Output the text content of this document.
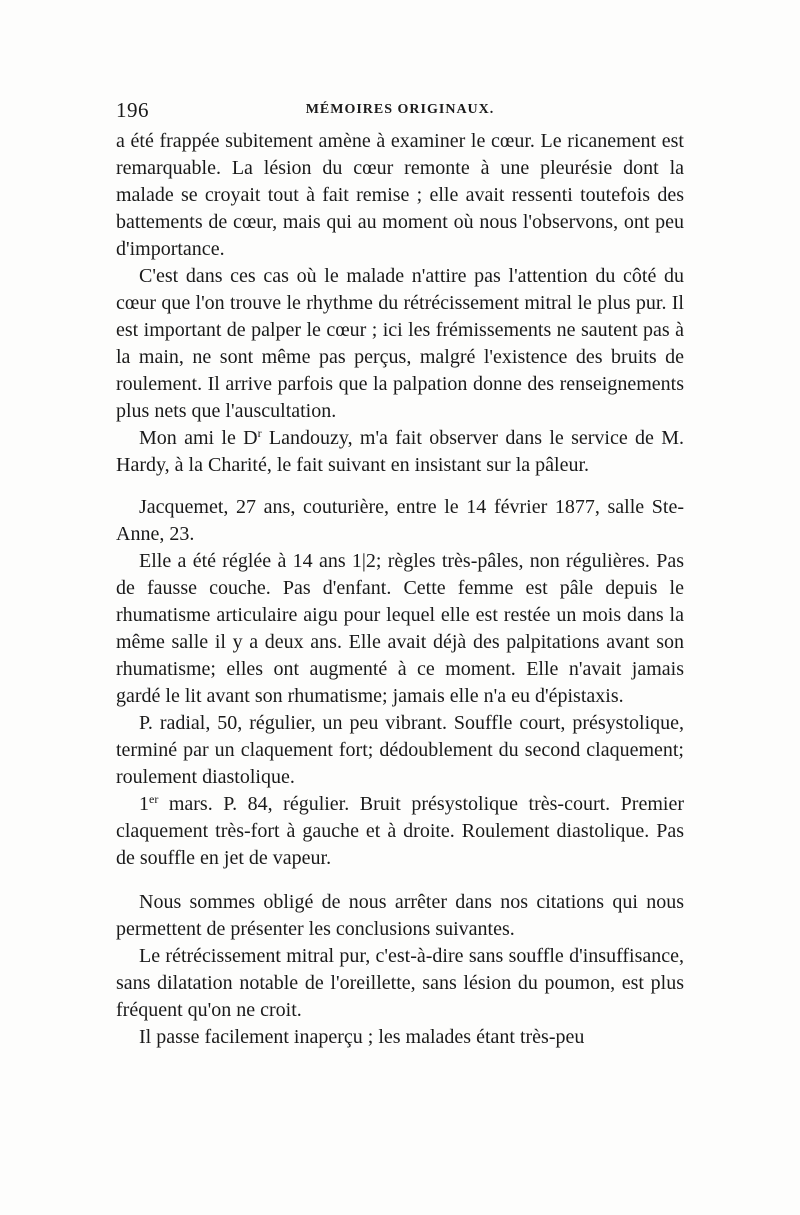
196	MÉMOIRES ORIGINAUX.

a été frappée subitement amène à examiner le cœur. Le ricanement est remarquable. La lésion du cœur remonte à une pleurésie dont la malade se croyait tout à fait remise ; elle avait ressenti toutefois des battements de cœur, mais qui au moment où nous l'observons, ont peu d'importance.

C'est dans ces cas où le malade n'attire pas l'attention du côté du cœur que l'on trouve le rhythme du rétrécissement mitral le plus pur. Il est important de palper le cœur ; ici les frémissements ne sautent pas à la main, ne sont même pas perçus, malgré l'existence des bruits de roulement. Il arrive parfois que la palpation donne des renseignements plus nets que l'auscultation.

Mon ami le $D^r$ Landouzy, m'a fait observer dans le service de M. Hardy, à la Charité, le fait suivant en insistant sur la pâleur.

Jacquemet, 27 ans, couturière, entre le 14 février 1877, salle Ste-Anne, 23.

Elle a été réglée à 14 ans 1|2; règles très-pâles, non régulières. Pas de fausse couche. Pas d'enfant. Cette femme est pâle depuis le rhumatisme articulaire aigu pour lequel elle est restée un mois dans la même salle il y a deux ans. Elle avait déjà des palpitations avant son rhumatisme; elles ont augmenté à ce moment. Elle n'avait jamais gardé le lit avant son rhumatisme; jamais elle n'a eu d'épistaxis.

P. radial, 50, régulier, un peu vibrant. Souffle court, présystolique, terminé par un claquement fort; dédoublement du second claquement; roulement diastolique.

1er mars. P. 84, régulier. Bruit présystolique très-court. Premier claquement très-fort à gauche et à droite. Roulement diastolique. Pas de souffle en jet de vapeur.

Nous sommes obligé de nous arrêter dans nos citations qui nous permettent de présenter les conclusions suivantes.

Le rétrécissement mitral pur, c'est-à-dire sans souffle d'insuffisance, sans dilatation notable de l'oreillette, sans lésion du poumon, est plus fréquent qu'on ne croit.

Il passe facilement inaperçu ; les malades étant très-peu
